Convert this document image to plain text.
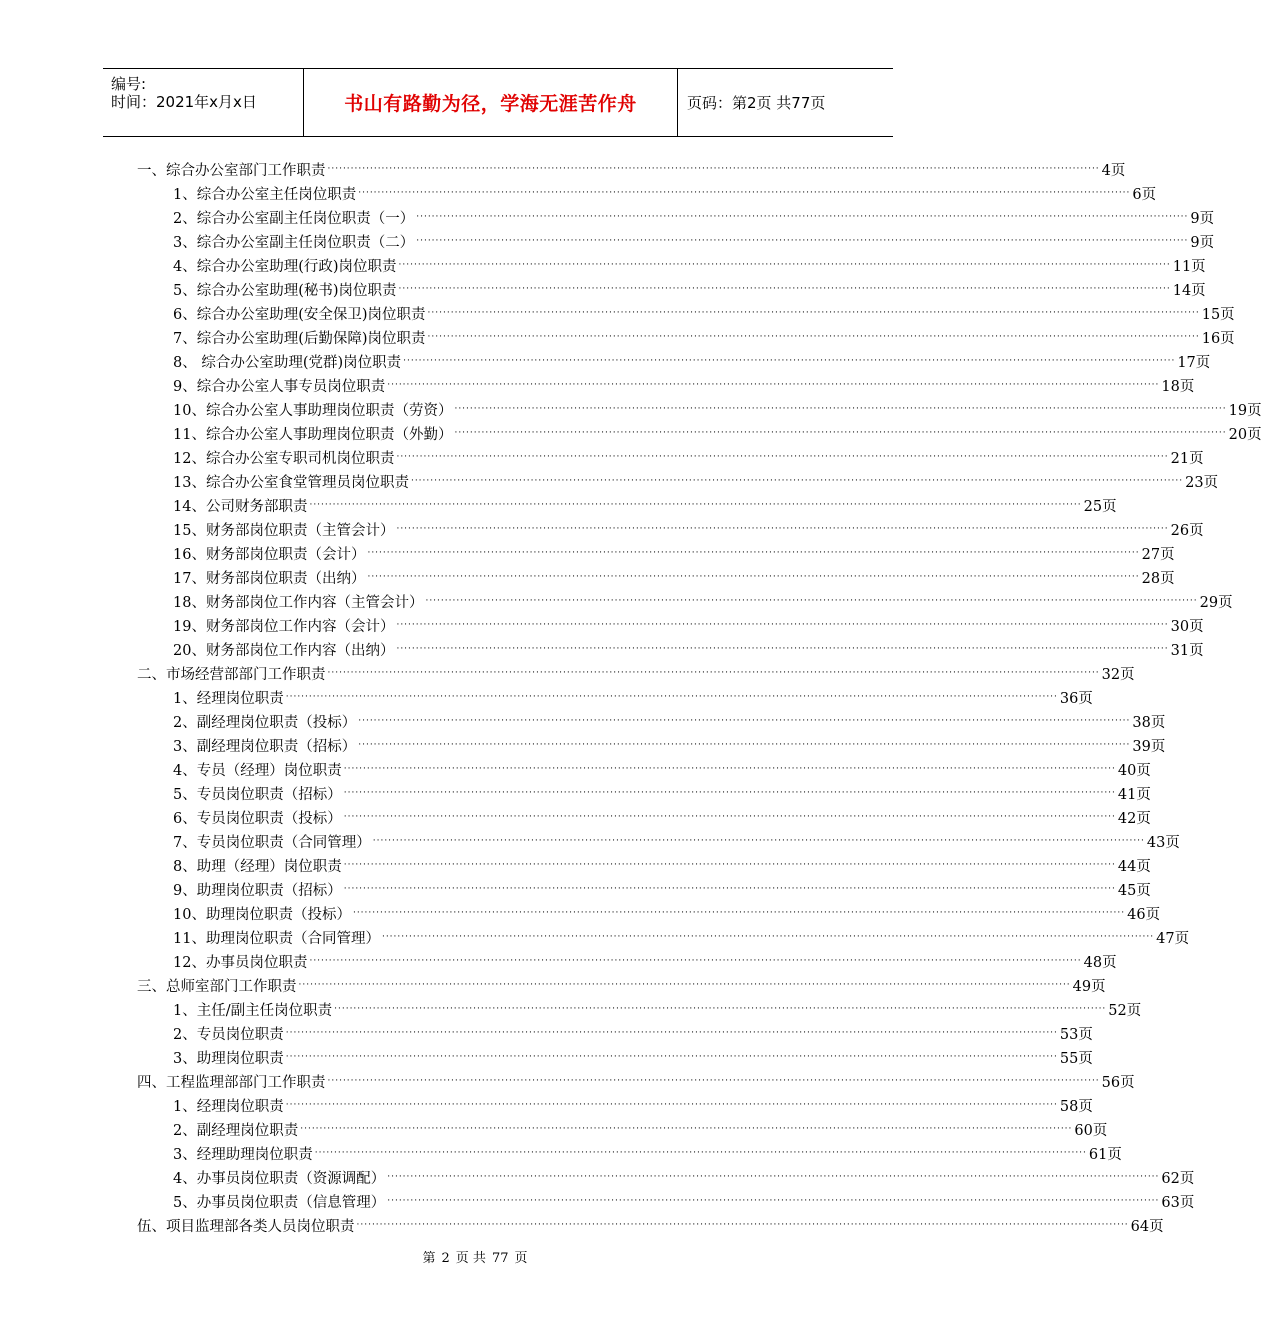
编号:
时间：2021年x月x日	书山有路勤为径，学海无涯苦作舟	页码：第2页 共77页
一、综合办公室部门工作职责 ········································································································································································································ 4页
1、综合办公室主任岗位职责 ········································································································································································································ 6页
2、综合办公室副主任岗位职责（一） ········································································································································································································ 9页
3、综合办公室副主任岗位职责（二） ········································································································································································································ 9页
4、综合办公室助理(行政)岗位职责 ········································································································································································································ 11页
5、综合办公室助理(秘书)岗位职责 ········································································································································································································ 14页
6、综合办公室助理(安全保卫)岗位职责 ········································································································································································································ 15页
7、综合办公室助理(后勤保障)岗位职责 ········································································································································································································ 16页
8、 综合办公室助理(党群)岗位职责 ········································································································································································································ 17页
9、综合办公室人事专员岗位职责 ········································································································································································································ 18页
10、综合办公室人事助理岗位职责（劳资） ········································································································································································································ 19页
11、综合办公室人事助理岗位职责（外勤） ········································································································································································································ 20页
12、综合办公室专职司机岗位职责 ········································································································································································································ 21页
13、综合办公室食堂管理员岗位职责 ········································································································································································································ 23页
14、公司财务部职责 ········································································································································································································ 25页
15、财务部岗位职责（主管会计） ········································································································································································································ 26页
16、财务部岗位职责（会计） ········································································································································································································ 27页
17、财务部岗位职责（出纳） ········································································································································································································ 28页
18、财务部岗位工作内容（主管会计） ········································································································································································································ 29页
19、财务部岗位工作内容（会计） ········································································································································································································ 30页
20、财务部岗位工作内容（出纳） ········································································································································································································ 31页
二、市场经营部部门工作职责 ········································································································································································································ 32页
1、经理岗位职责 ········································································································································································································ 36页
2、副经理岗位职责（投标） ········································································································································································································ 38页
3、副经理岗位职责（招标） ········································································································································································································ 39页
4、专员（经理）岗位职责 ········································································································································································································ 40页
5、专员岗位职责（招标） ········································································································································································································ 41页
6、专员岗位职责（投标） ········································································································································································································ 42页
7、专员岗位职责（合同管理） ········································································································································································································ 43页
8、助理（经理）岗位职责 ········································································································································································································ 44页
9、助理岗位职责（招标） ········································································································································································································ 45页
10、助理岗位职责（投标） ········································································································································································································ 46页
11、助理岗位职责（合同管理） ········································································································································································································ 47页
12、办事员岗位职责 ········································································································································································································ 48页
三、总师室部门工作职责 ········································································································································································································ 49页
1、主任/副主任岗位职责 ········································································································································································································ 52页
2、专员岗位职责 ········································································································································································································ 53页
3、助理岗位职责 ········································································································································································································ 55页
四、工程监理部部门工作职责 ········································································································································································································ 56页
1、经理岗位职责 ········································································································································································································ 58页
2、副经理岗位职责 ········································································································································································································ 60页
3、经理助理岗位职责 ········································································································································································································ 61页
4、办事员岗位职责（资源调配） ········································································································································································································ 62页
5、办事员岗位职责（信息管理） ········································································································································································································ 63页
伍、项目监理部各类人员岗位职责 ········································································································································································································ 64页
第 2 页 共 77 页
